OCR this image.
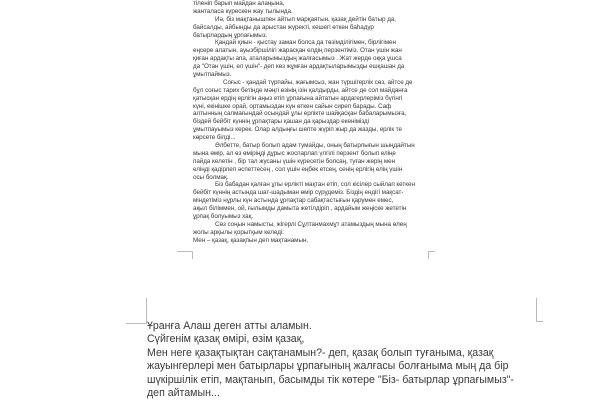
тіленіп барып майдан алаңына,
жанталаса күрескен жау тылында.
Иә, біз мақтанышпен айтып марқаятын, қазақ дейтін батыр да,
байсалды, айбынды да арыстан жүректі, кешегі өткен баһадүр
батырлардың ұрпағымыз.
Қандай қиын - қыстау заман болса да төзімділігімен, бірлігімен
еңсере алатын, ауызбіршілігі жарасқан елдің перзентіміз. Отан үшін жан
қиған ардақты апа, аталарымыздың жалғасымыз . Жат жерде оққа ұшса
да "Отан үшін, ел үшін"- деп көз жұмған ардақтыларымызды ешқашан да
ұмытпаймыз.
Соғыс - қандай түрпайы, жағымсыз, жан түршігерлік сөз, айтсе де
бұл соғыс тарих бетінде мәңгі өзінің ізін қалдырды, айтсе де сол майданға
қатысқан ердің ерлігін аңыз етіп ұрпағына айтатын ардагерлеріміз бүгінгі
күні, екінішке орай, ортамыздан күн өткен сайын сиреп барады. Саф
алтынның салмағындай осындай ұлы ерлікте шайқасқан бабаларымызға,
біздей бейбіт күннің ұрпақтары қашан да қарыздар екенімізді
ұмытпауымыз керек. Олар алдыңғы шепте жүріп жыр да жазды, ерлік те
көрсете білді...
Әлбетте, батыр болып адам тумайды, оның батырлығын шыңдайтын
мына өмір, ал өз өміріңді дұрыс жоспарлап үлгілі перзент болып еліңе
пайда келетін , бір тал жусаны үшін күресетін болсаң, туған жерің мен
еліңді қадірлеп әспеттесең , сол үшін еңбек етсең, сенің ерлігің елің үшін
осы болмақ.
Біз бабадан қалған ұлы ерлікті мақтан етіп, сол кісілер сыйлап кеткен
бейбіт күннің астында шат-шадыман өмір сүрудеміз. Біздің ендігі мақсат-
міндетіміз нұрлы күн астында ұрпақтар сабақтастығын қарумен емес,
ақыл біліммен, ой, ғылымды дамыта жетілдіріп , ардайым жеңіске жететін
ұрпақ болуымыз хақ.
Сөз соңын намысты, жігерлі Сұлтанмахмұт атамыздың мына өлең
жолы арқылы қорытқым келеді:
Мен – қазақ, қазақпын деп мақтанамын,
Ұранға Алаш деген атты аламын.
Сүйгенім қазақ өмірі, өзім қазақ,
Мен неге қазақтықтан сақтанамын?- деп, қазақ болып туғаныма, қазақ
жауынгерлері мен батырлары ұрпағының жалғасы болғаныма мың да бір
шүкіршілік етіп, мақтанып, басымды тік көтере "Біз- батырлар ұрпағымыз"-
деп айтамын...
